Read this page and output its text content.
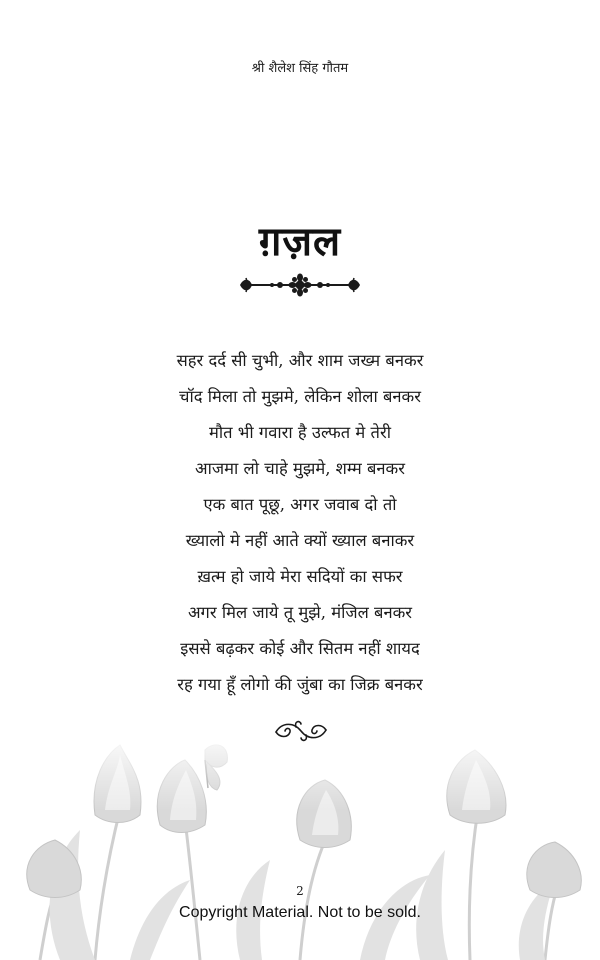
श्री शैलेश सिंह गौतम
ग़ज़ल
सहर दर्द सी चुभी, और शाम जख्म बनकर
चॉद मिला तो मुझमे, लेकिन शोला बनकर
मौत भी गवारा है उल्फत मे तेरी
आजमा लो चाहे मुझमे, शम्म बनकर
एक बात पूछू, अगर जवाब दो तो
ख्यालो मे नहीं आते क्यों ख्याल बनाकर
ख़त्म हो जाये मेरा सदियों का सफर
अगर मिल जाये तू मुझे, मंजिल बनकर
इससे बढ़कर कोई और सितम नहीं शायद
रह गया हूँ लोगो की जुंबा का जिक्र बनकर
2
Copyright Material. Not to be sold.
